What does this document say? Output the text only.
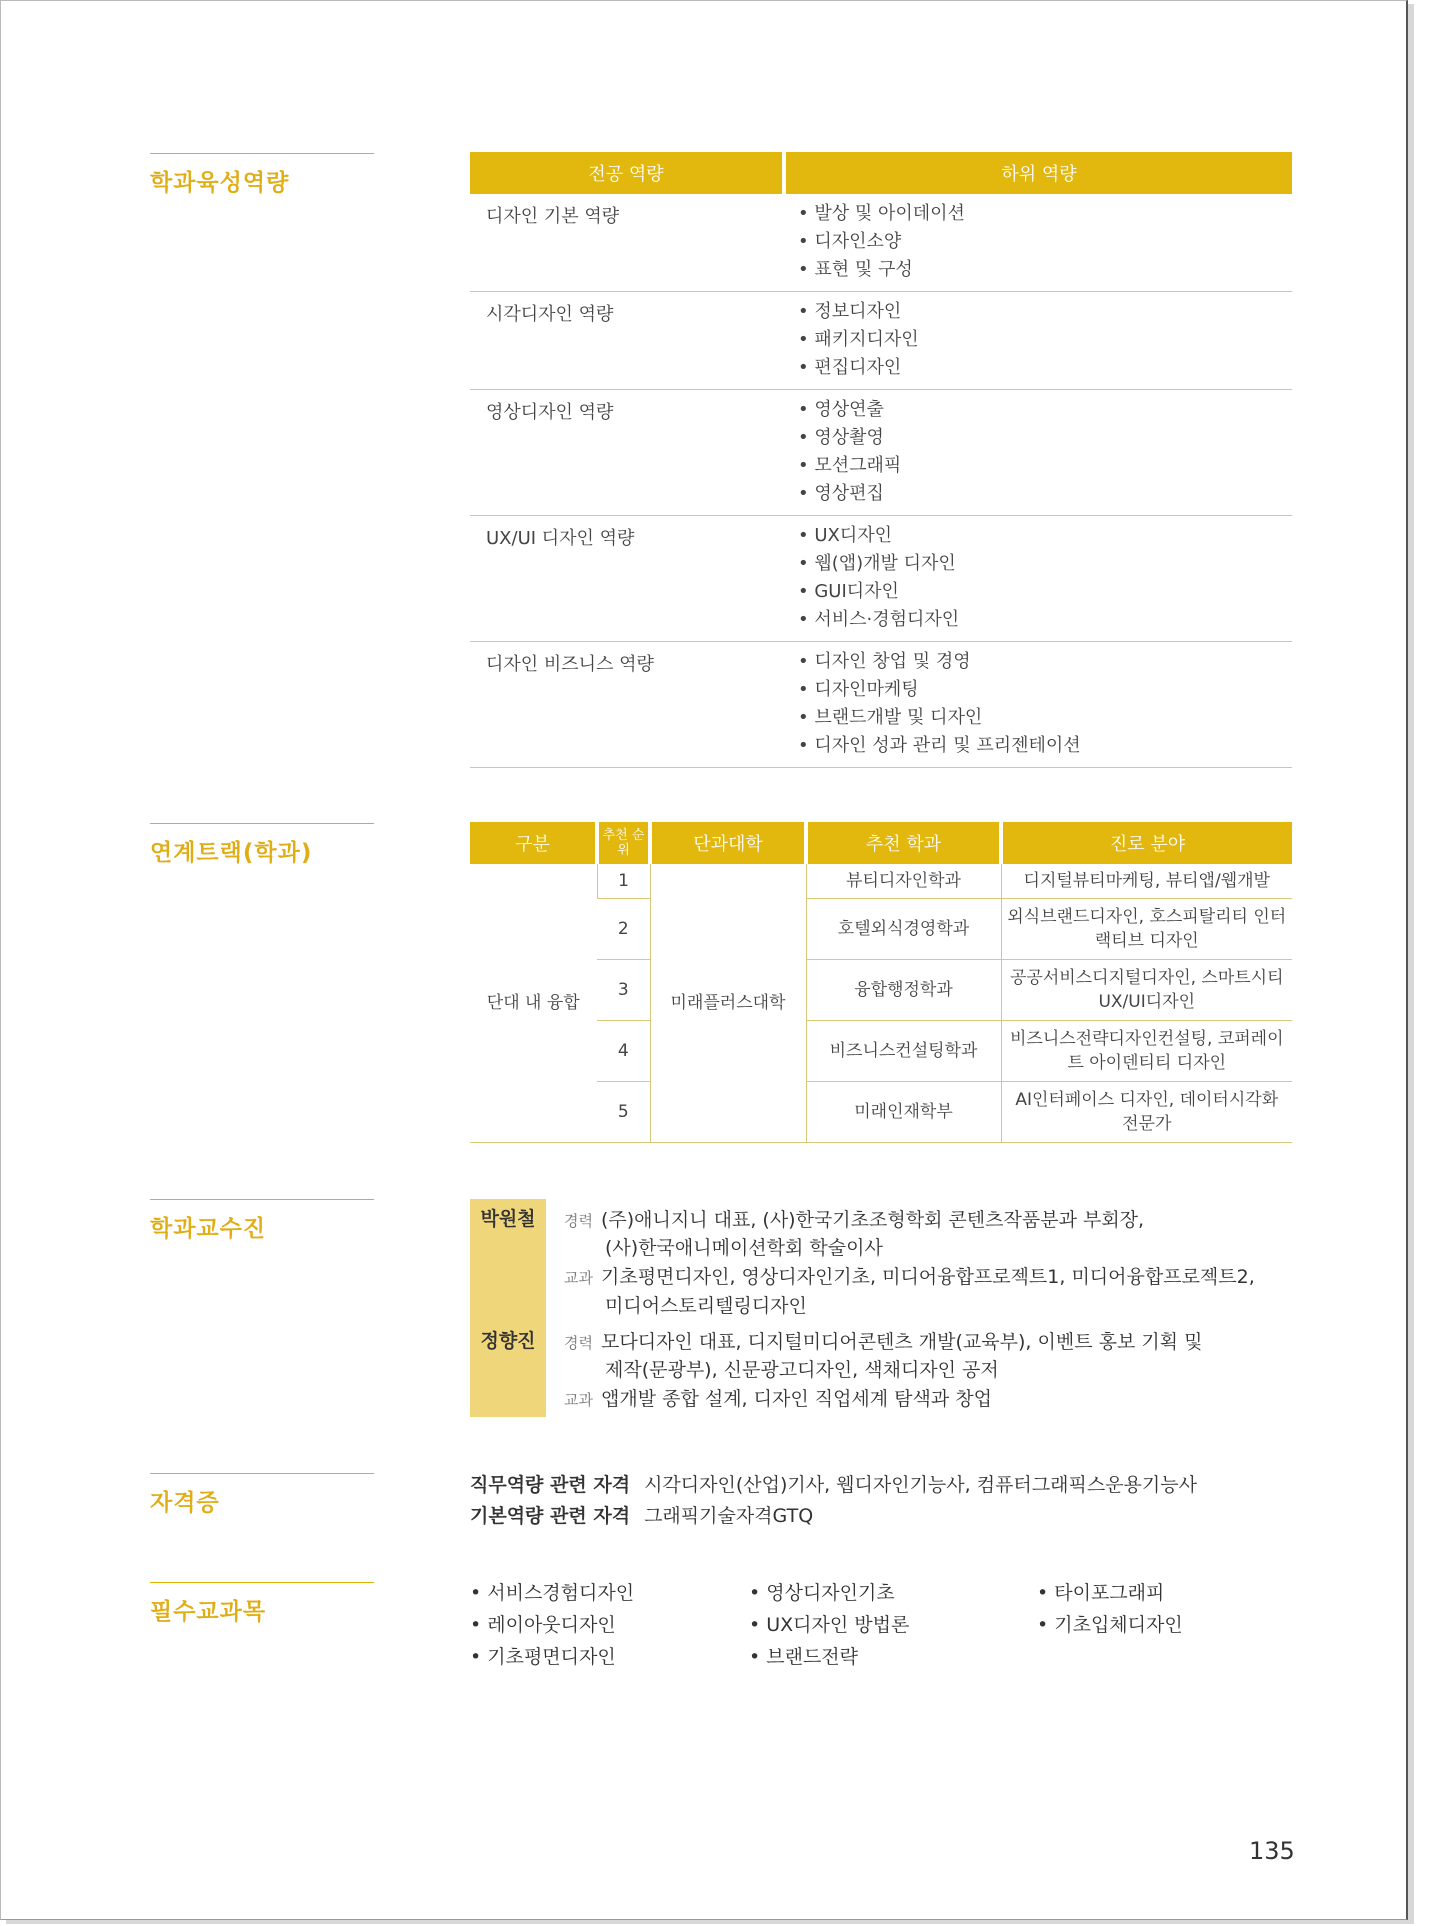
학과육성역량
연계트랙(학과)
학과교수진
자격증
필수교과목
전공 역량	하위 역량
디자인 기본 역량	• 발상 및 아이데이션
• 디자인소양
• 표현 및 구성
시각디자인 역량	• 정보디자인
• 패키지디자인
• 편집디자인
영상디자인 역량	• 영상연출
• 영상촬영
• 모션그래픽
• 영상편집
UX/UI 디자인 역량	• UX디자인
• 웹(앱)개발 디자인
• GUI디자인
• 서비스·경험디자인
디자인 비즈니스 역량	• 디자인 창업 및 경영
• 디자인마케팅
• 브랜드개발 및 디자인
• 디자인 성과 관리 및 프리젠테이션
구분	추천 순위	단과대학	추천 학과	진로 분야
단대 내 융합	1	미래플러스대학	뷰티디자인학과	디지털뷰티마케팅, 뷰티앱/웹개발
	2		호텔외식경영학과	외식브랜드디자인, 호스피탈리티 인터랙티브 디자인
	3		융합행정학과	공공서비스디지털디자인, 스마트시티UX/UI디자인
	4		비즈니스컨설팅학과	비즈니스전략디자인컨설팅, 코퍼레이트 아이덴티티 디자인
	5		미래인재학부	AI인터페이스 디자인, 데이터시각화 전문가
박원철	경력 (주)애니지니 대표, (사)한국기초조형학회 콘텐츠작품분과 부회장,
(사)한국애니메이션학회 학술이사
교과 기초평면디자인, 영상디자인기초, 미디어융합프로젝트1, 미디어융합프로젝트2,
미디어스토리텔링디자인
정향진	경력 모다디자인 대표, 디지털미디어콘텐츠 개발(교육부), 이벤트 홍보 기획 및
제작(문광부), 신문광고디자인, 색채디자인 공저
교과 앱개발 종합 설계, 디자인 직업세계 탐색과 창업
직무역량 관련 자격 시각디자인(산업)기사, 웹디자인기능사, 컴퓨터그래픽스운용기능사
기본역량 관련 자격 그래픽기술자격GTQ
• 서비스경험디자인	• 영상디자인기초	• 타이포그래피
• 레이아웃디자인	• UX디자인 방법론	• 기초입체디자인
• 기초평면디자인	• 브랜드전략
135
